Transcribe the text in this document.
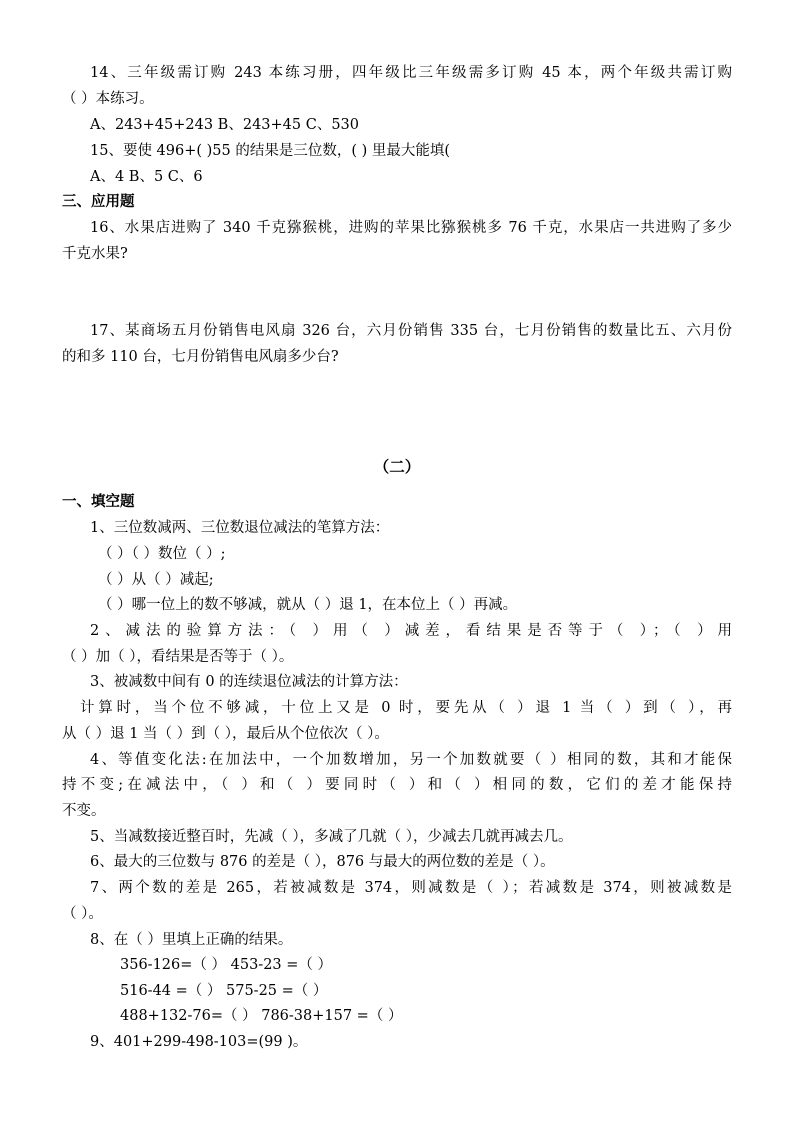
14、三年级需订购 243 本练习册，四年级比三年级需多订购 45 本，两个年级共需订购
（ ）本练习。
A、243+45+243 B、243+45 C、530
15、要使 496+( )55 的结果是三位数，( ) 里最大能填(
A、4 B、5 C、6
三、应用题
16、水果店进购了 340 千克猕猴桃，进购的苹果比猕猴桃多 76 千克，水果店一共进购了多少
千克水果?
17、某商场五月份销售电风扇 326 台，六月份销售 335 台，七月份销售的数量比五、六月份
的和多 110 台，七月份销售电风扇多少台?
（二）
一、填空题
1、三位数减两、三位数退位减法的笔算方法：
（ ）（ ）数位（ ）;
（ ）从（ ）减起;
（ ）哪一位上的数不够减，就从（ ）退 1，在本位上（ ）再减。
2、减法的验算方法：（ ）用（ ）减差，看结果是否等于（ ）；（ ）用
（ ）加（ ），看结果是否等于（ ）。
3、被减数中间有 0 的连续退位减法的计算方法：
计算时，当个位不够减，十位上又是 0 时，要先从（ ）退 1 当（ ）到（ ），再
从（ ）退 1 当（ ）到（ ），最后从个位依次（ ）。
4、等值变化法:在加法中，一个加数增加，另一个加数就要（ ）相同的数，其和才能保
持不变;在减法中，（ ）和（ ）要同时（ ）和（ ）相同的数，它们的差才能保持
不变。
5、当减数接近整百时，先减（ ），多减了几就（ ），少减去几就再减去几。
6、最大的三位数与 876 的差是（ ），876 与最大的两位数的差是（ ）。
7、两个数的差是 265，若被减数是 374，则减数是（ ）；若减数是 374，则被减数是
（ ）。
8、在（ ）里填上正确的结果。
356-126=（ ） 453-23 =（ ）
516-44 =（ ） 575-25 =（ ）
488+132-76=（ ） 786-38+157 =（ ）
9、401+299-498-103=(99 )。
